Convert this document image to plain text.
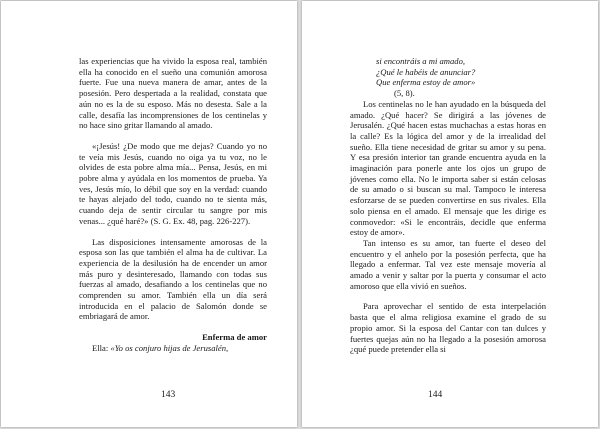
las experiencias que ha vivido la esposa real, también ella ha conocido en el sueño una comunión amorosa fuerte. Fue una nueva manera de amar, antes de la posesión. Pero despertada a la realidad, constata que aún no es la de su esposo. Más no desesta. Sale a la calle, desafía las incomprensiones de los centinelas y no hace sino gritar llamando al amado.

«¡Jesús! ¿De modo que me dejas? Cuando yo no te veía mis Jesús, cuando no oiga ya tu voz, no le olvides de esta pobre alma mía... Pensa, Jesús, en mi pobre alma y ayúdala en los momentos de prueba. Ya ves, Jesús mío, lo débil que soy en la verdad: cuando te hayas alejado del todo, cuando no te sienta más, cuando deja de sentir circular tu sangre por mis venas... ¿qué haré?» (S. G. Ex. 48, pag. 226-227).

Las disposiciones intensamente amorosas de la esposa son las que también el alma ha de cultivar. La experiencia de la desilusión ha de encender un amor más puro y desinteresado, llamando con todas sus fuerzas al amado, desafiando a los centinelas que no comprenden su amor. También ella un día será introducida en el palacio de Salomón donde se embriagará de amor.

Enferma de amor

Ella: «Yo os conjuro hijas de Jerusalén,

143
si encontráis a mi amado,
¿Qué le habéis de anunciar?
Que enferma estoy de amor»
(5, 8).

Los centinelas no le han ayudado en la búsqueda del amado. ¿Qué hacer? Se dirigirá a las jóvenes de Jerusalén. ¿Qué hacen estas muchachas a estas horas en la calle? Es la lógica del amor y de la irrealidad del sueño. Ella tiene necesidad de gritar su amor y su pena. Y esa presión interior tan grande encuentra ayuda en la imaginación para ponerle ante los ojos un grupo de jóvenes como ella. No le importa saber si están celosas de su amado o si buscan su mal. Tampoco le interesa esforzarse de se pueden convertirse en sus rivales. Ella solo piensa en el amado. El mensaje que les dirige es conmovedor: «Si le encontráis, decidle que enferma estoy de amor».

Tan intenso es su amor, tan fuerte el deseo del encuentro y el anhelo por la posesión perfecta, que ha llegado a enfermar. Tal vez este mensaje movería al amado a venir y saltar por la puerta y consumar el acto amoroso que ella vivió en sueños.

Para aprovechar el sentido de esta interpelación basta que el alma religiosa examine el grado de su propio amor. Si la esposa del Cantar con tan dulces y fuertes quejas aún no ha llegado a la posesión amorosa ¿qué puede pretender ella si

144
